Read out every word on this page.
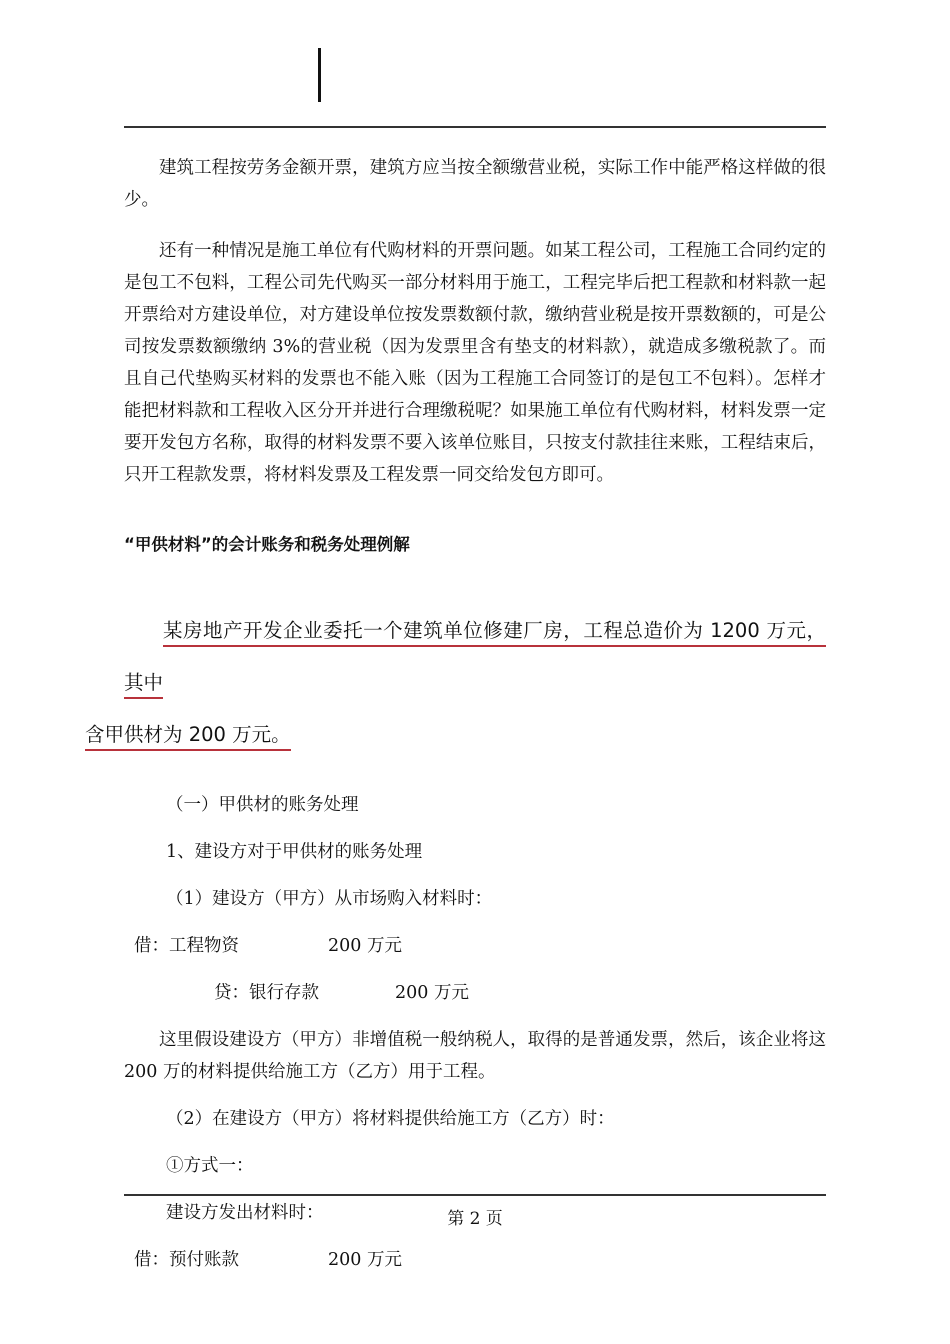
建筑工程按劳务金额开票，建筑方应当按全额缴营业税，实际工作中能严格这样做的很少。

还有一种情况是施工单位有代购材料的开票问题。如某工程公司，工程施工合同约定的是包工不包料，工程公司先代购买一部分材料用于施工，工程完毕后把工程款和材料款一起开票给对方建设单位，对方建设单位按发票数额付款，缴纳营业税是按开票数额的，可是公司按发票数额缴纳 3%的营业税（因为发票里含有垫支的材料款），就造成多缴税款了。而且自己代垫购买材料的发票也不能入账（因为工程施工合同签订的是包工不包料）。怎样才能把材料款和工程收入区分开并进行合理缴税呢？如果施工单位有代购材料，材料发票一定要开发包方名称，取得的材料发票不要入该单位账目，只按支付款挂往来账，工程结束后，只开工程款发票，将材料发票及工程发票一同交给发包方即可。

“甲供材料”的会计账务和税务处理例解

某房地产开发企业委托一个建筑单位修建厂房，工程总造价为 1200 万元，其中
含甲供材为 200 万元。

（一）甲供材的账务处理

1、建设方对于甲供材的账务处理

（1）建设方（甲方）从市场购入材料时：

借：工程物资	200 万元

贷：银行存款	200 万元

这里假设建设方（甲方）非增值税一般纳税人，取得的是普通发票，然后，该企业将这 200 万的材料提供给施工方（乙方）用于工程。

（2）在建设方（甲方）将材料提供给施工方（乙方）时：

①方式一：

建设方发出材料时：

借：预付账款	200 万元

第 2 页
